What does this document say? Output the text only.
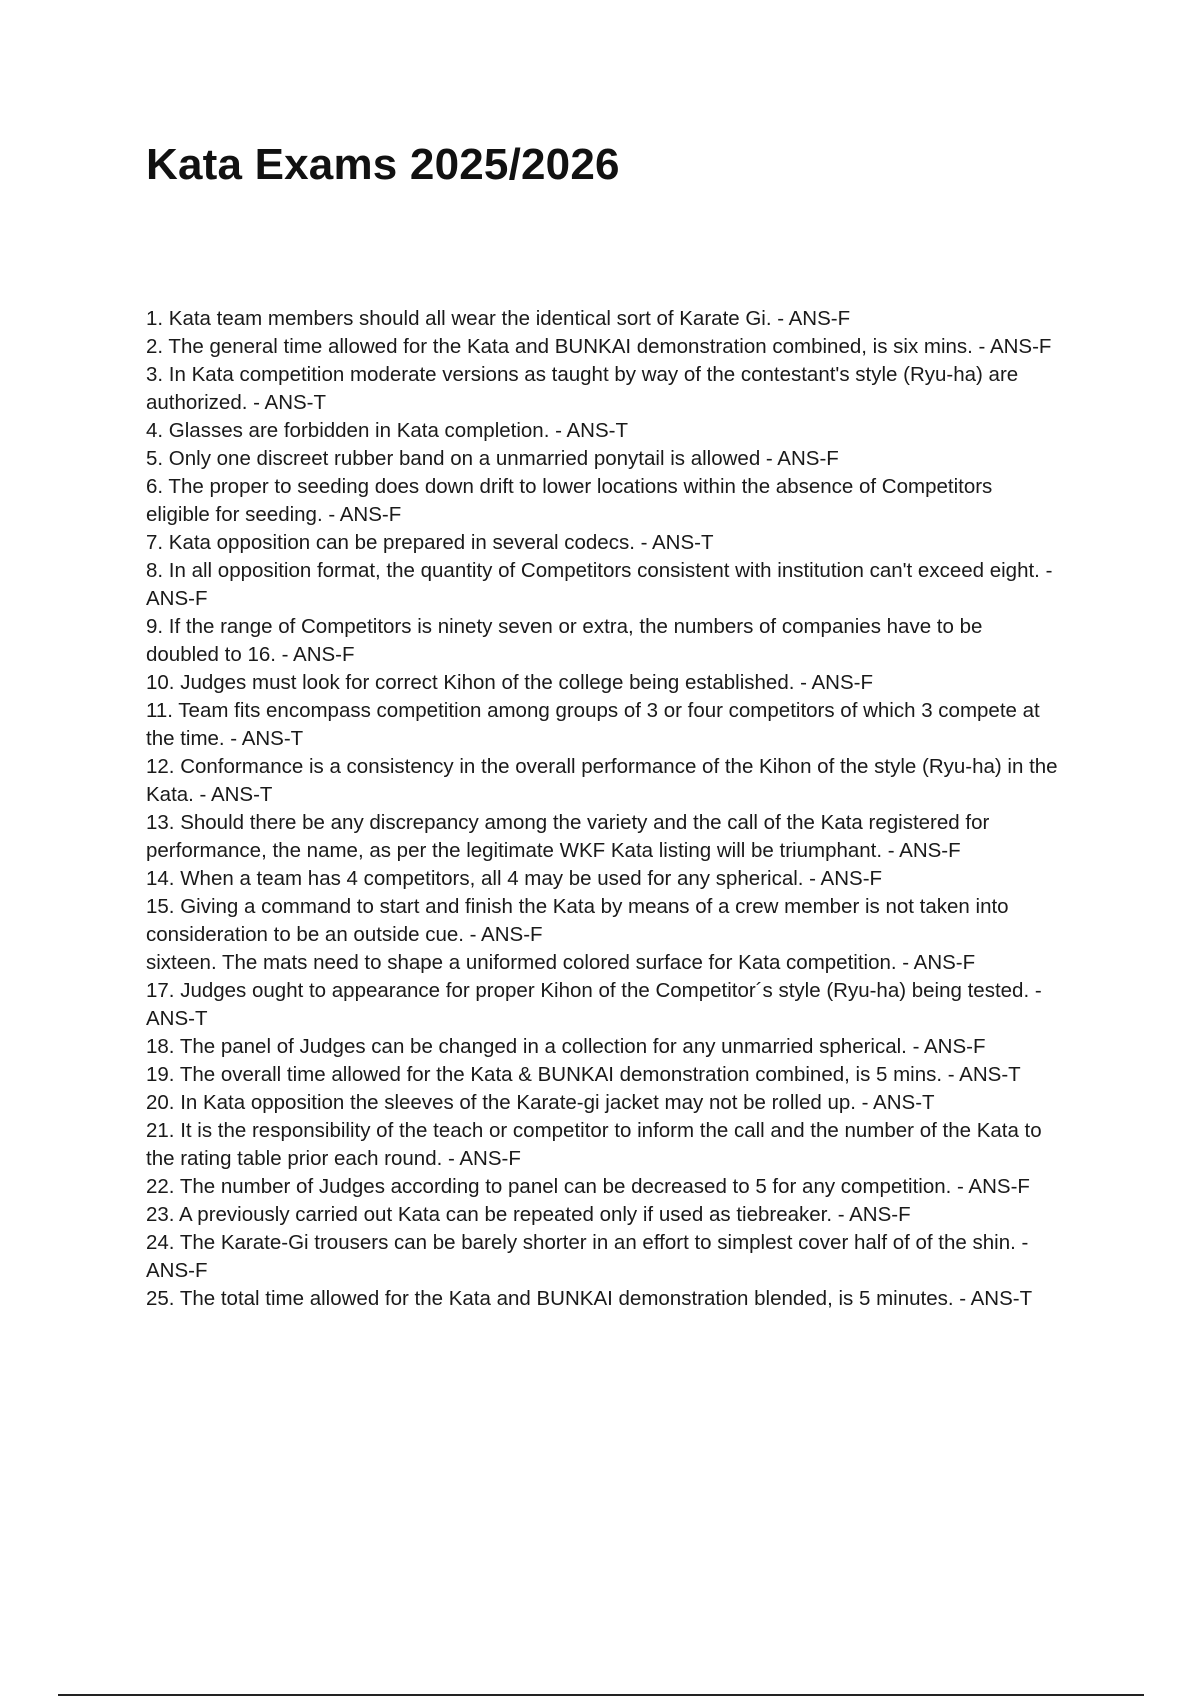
Kata Exams 2025/2026
1. Kata team members should all wear the identical sort of Karate Gi. - ANS-F
2. The general time allowed for the Kata and BUNKAI demonstration combined, is six mins. - ANS-F
3. In Kata competition moderate versions as taught by way of the contestant's style (Ryu-ha) are authorized. - ANS-T
4. Glasses are forbidden in Kata completion. - ANS-T
5. Only one discreet rubber band on a unmarried ponytail is allowed - ANS-F
6. The proper to seeding does down drift to lower locations within the absence of Competitors eligible for seeding. - ANS-F
7. Kata opposition can be prepared in several codecs. - ANS-T
8. In all opposition format, the quantity of Competitors consistent with institution can't exceed eight. - ANS-F
9. If the range of Competitors is ninety seven or extra, the numbers of companies have to be doubled to 16. - ANS-F
10. Judges must look for correct Kihon of the college being established. - ANS-F
11. Team fits encompass competition among groups of 3 or four competitors of which 3 compete at the time. - ANS-T
12. Conformance is a consistency in the overall performance of the Kihon of the style (Ryu-ha) in the Kata. - ANS-T
13. Should there be any discrepancy among the variety and the call of the Kata registered for performance, the name, as per the legitimate WKF Kata listing will be triumphant. - ANS-F
14. When a team has 4 competitors, all 4 may be used for any spherical. - ANS-F
15. Giving a command to start and finish the Kata by means of a crew member is not taken into consideration to be an outside cue. - ANS-F
sixteen. The mats need to shape a uniformed colored surface for Kata competition. - ANS-F
17. Judges ought to appearance for proper Kihon of the Competitor´s style (Ryu-ha) being tested. - ANS-T
18. The panel of Judges can be changed in a collection for any unmarried spherical. - ANS-F
19. The overall time allowed for the Kata & BUNKAI demonstration combined, is 5 mins. - ANS-T
20. In Kata opposition the sleeves of the Karate-gi jacket may not be rolled up. - ANS-T
21. It is the responsibility of the teach or competitor to inform the call and the number of the Kata to the rating table prior each round. - ANS-F
22. The number of Judges according to panel can be decreased to 5 for any competition. - ANS-F
23. A previously carried out Kata can be repeated only if used as tiebreaker. - ANS-F
24. The Karate-Gi trousers can be barely shorter in an effort to simplest cover half of of the shin. - ANS-F
25. The total time allowed for the Kata and BUNKAI demonstration blended, is 5 minutes. - ANS-T
